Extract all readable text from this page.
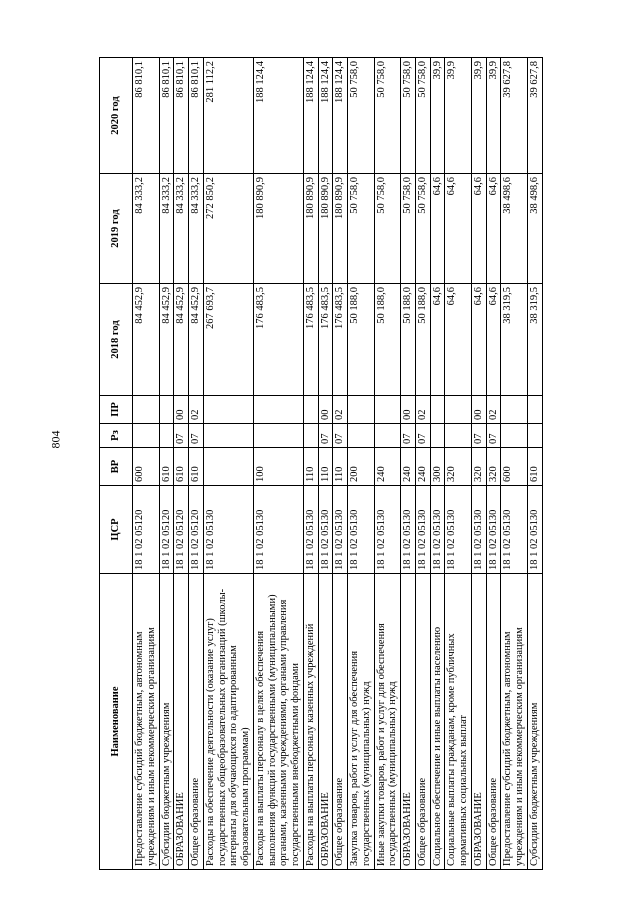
804
Наименование	ЦСР	ВР	Рз	ПР	2018 год	2019 год	2020 год
Предоставление субсидий бюджетным, автономным учреждениям и иным некоммерческим организациям	18 1 02 05120	600			84 452,9	84 333,2	86 810,1
Субсидии бюджетным учреждениям	18 1 02 05120	610			84 452,9	84 333,2	86 810,1
ОБРАЗОВАНИЕ	18 1 02 05120	610	07	00	84 452,9	84 333,2	86 810,1
Общее образование	18 1 02 05120	610	07	02	84 452,9	84 333,2	86 810,1
Расходы на обеспечение деятельности (оказание услуг) государственных общеобразовательных организаций (школы-интернаты для обучающихся по адаптированным образовательным программам)	18 1 02 05130				267 693,7	272 850,2	281 112,2
Расходы на выплаты персоналу в целях обеспечения выполнения функций государственными (муниципальными) органами, казенными учреждениями, органами управления государственными внебюджетными фондами	18 1 02 05130	100			176 483,5	180 890,9	188 124,4
Расходы на выплаты персоналу казенных учреждений	18 1 02 05130	110			176 483,5	180 890,9	188 124,4
ОБРАЗОВАНИЕ	18 1 02 05130	110	07	00	176 483,5	180 890,9	188 124,4
Общее образование	18 1 02 05130	110	07	02	176 483,5	180 890,9	188 124,4
Закупка товаров, работ и услуг для обеспечения государственных (муниципальных) нужд	18 1 02 05130	200			50 188,0	50 758,0	50 758,0
Иные закупки товаров, работ и услуг для обеспечения государственных (муниципальных) нужд	18 1 02 05130	240			50 188,0	50 758,0	50 758,0
ОБРАЗОВАНИЕ	18 1 02 05130	240	07	00	50 188,0	50 758,0	50 758,0
Общее образование	18 1 02 05130	240	07	02	50 188,0	50 758,0	50 758,0
Социальное обеспечение и иные выплаты населению	18 1 02 05130	300			64,6	64,6	39,9
Социальные выплаты гражданам, кроме публичных нормативных социальных выплат	18 1 02 05130	320			64,6	64,6	39,9
ОБРАЗОВАНИЕ	18 1 02 05130	320	07	00	64,6	64,6	39,9
Общее образование	18 1 02 05130	320	07	02	64,6	64,6	39,9
Предоставление субсидий бюджетным, автономным учреждениям и иным некоммерческим организациям	18 1 02 05130	600			38 319,5	38 498,6	39 627,8
Субсидии бюджетным учреждениям	18 1 02 05130	610			38 319,5	38 498,6	39 627,8
